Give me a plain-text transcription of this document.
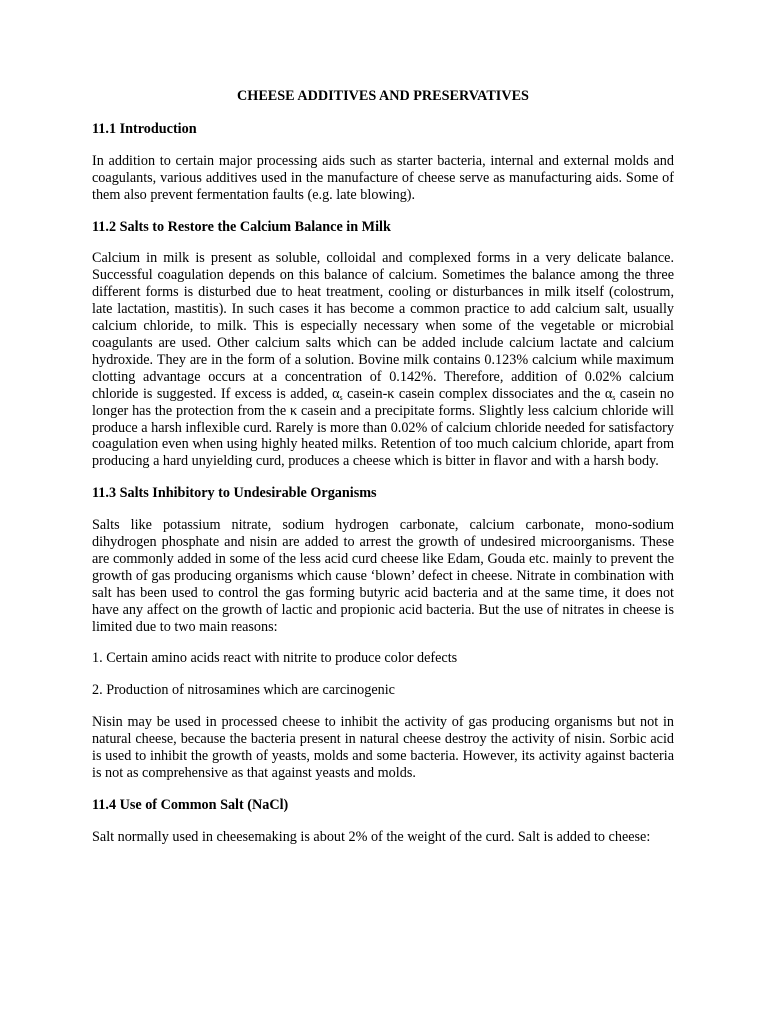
CHEESE ADDITIVES AND PRESERVATIVES
11.1 Introduction

In addition to certain major processing aids such as starter bacteria, internal and external molds and coagulants, various additives used in the manufacture of cheese serve as manufacturing aids. Some of them also prevent fermentation faults (e.g. late blowing).

11.2 Salts to Restore the Calcium Balance in Milk

Calcium in milk is present as soluble, colloidal and complexed forms in a very delicate balance. Successful coagulation depends on this balance of calcium. Sometimes the balance among the three different forms is disturbed due to heat treatment, cooling or disturbances in milk itself (colostrum, late lactation, mastitis). In such cases it has become a common practice to add calcium salt, usually calcium chloride, to milk. This is especially necessary when some of the vegetable or microbial coagulants are used. Other calcium salts which can be added include calcium lactate and calcium hydroxide. They are in the form of a solution. Bovine milk contains 0.123% calcium while maximum clotting advantage occurs at a concentration of 0.142%. Therefore, addition of 0.02% calcium chloride is suggested. If excess is added, $\alpha_s$ casein-κ casein complex dissociates and the $\alpha_s$ casein no longer has the protection from the κ casein and a precipitate forms. Slightly less calcium chloride will produce a harsh inflexible curd. Rarely is more than 0.02% of calcium chloride needed for satisfactory coagulation even when using highly heated milks. Retention of too much calcium chloride, apart from producing a hard unyielding curd, produces a cheese which is bitter in flavor and with a harsh body.

11.3 Salts Inhibitory to Undesirable Organisms

Salts like potassium nitrate, sodium hydrogen carbonate, calcium carbonate, mono-sodium dihydrogen phosphate and nisin are added to arrest the growth of undesired microorganisms. These are commonly added in some of the less acid curd cheese like Edam, Gouda etc. mainly to prevent the growth of gas producing organisms which cause ‘blown’ defect in cheese. Nitrate in combination with salt has been used to control the gas forming butyric acid bacteria and at the same time, it does not have any affect on the growth of lactic and propionic acid bacteria. But the use of nitrates in cheese is limited due to two main reasons:

1. Certain amino acids react with nitrite to produce color defects
2. Production of nitrosamines which are carcinogenic

Nisin may be used in processed cheese to inhibit the activity of gas producing organisms but not in natural cheese, because the bacteria present in natural cheese destroy the activity of nisin. Sorbic acid is used to inhibit the growth of yeasts, molds and some bacteria. However, its activity against bacteria is not as comprehensive as that against yeasts and molds.

11.4 Use of Common Salt (NaCl)

Salt normally used in cheesemaking is about 2% of the weight of the curd. Salt is added to cheese:
